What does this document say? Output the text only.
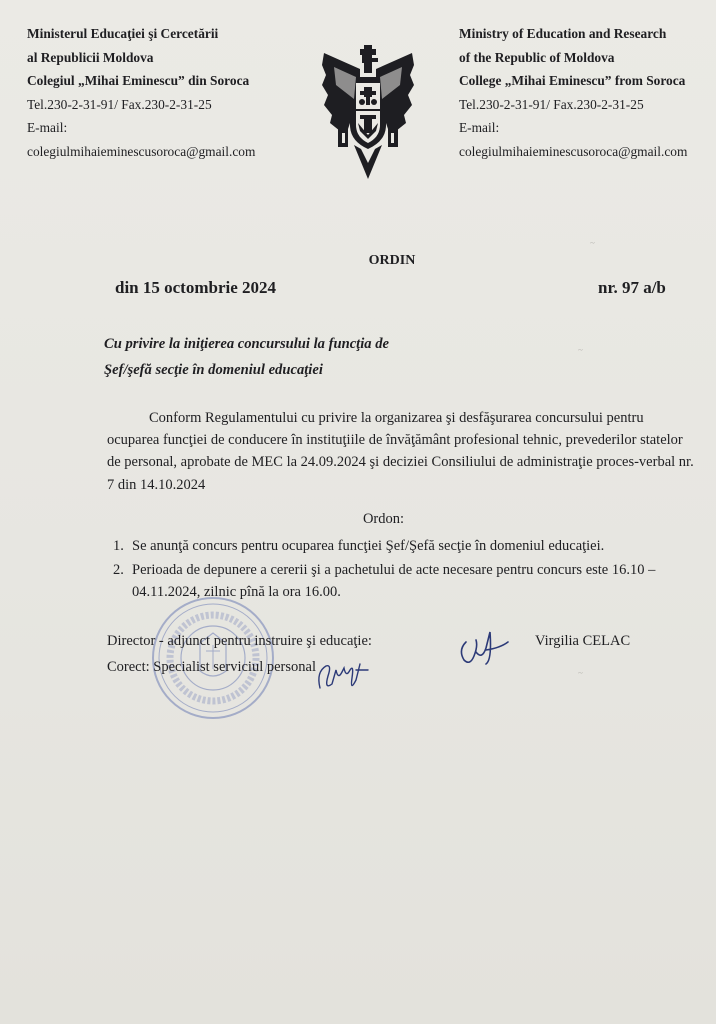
Ministerul Educaţiei şi Cercetării
al Republicii Moldova
Colegiul „Mihai Eminescu” din Soroca
Tel.230-2-31-91/ Fax.230-2-31-25
E-mail:
colegiulmihaieminescusoroca@gmail.com
Ministry of Education and Research
of the Republic of Moldova
College „Mihai Eminescu” from Soroca
Tel.230-2-31-91/ Fax.230-2-31-25
E-mail:
colegiulmihaieminescusoroca@gmail.com
ORDIN
din 15 octombrie 2024	nr. 97 a/b
Cu privire la iniţierea concursului la funcţia de
Şef/şefă secţie în domeniul educaţiei

Conform Regulamentului cu privire la organizarea şi desfăşurarea concursului pentru ocuparea funcţiei de conducere în instituţiile de învăţământ profesional tehnic, prevederilor statelor de personal, aprobate de MEC la 24.09.2024 şi deciziei Consiliului de administraţie proces-verbal nr. 7 din 14.10.2024

Ordon:
1. Se anunţă concurs pentru ocuparea funcţiei Şef/Şefă secţie în domeniul educaţiei.
2. Perioada de depunere a cererii şi a pachetului de acte necesare pentru concurs este 16.10 – 04.11.2024, zilnic pînă la ora 16.00.
Director - adjunct pentru instruire şi educaţie:	Virgilia CELAC
Corect: Specialist serviciul personal
~
~
~
